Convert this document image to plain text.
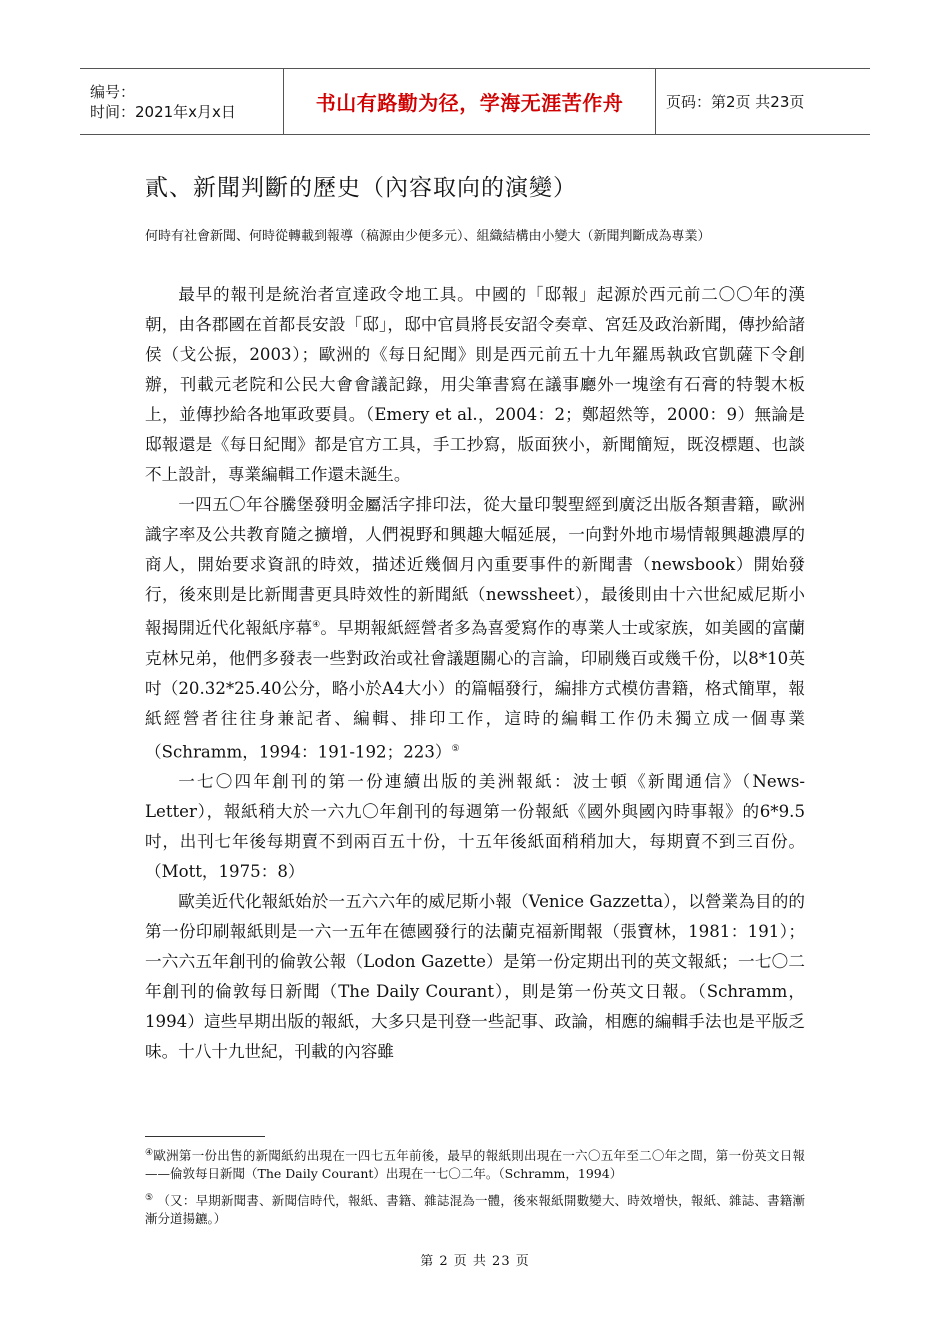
编号：
时间：2021年x月x日	书山有路勤为径，学海无涯苦作舟	页码：第2页 共23页
貳、新聞判斷的歷史（內容取向的演變）
何時有社會新聞、何時從轉載到報導（稿源由少便多元）、組織結構由小變大（新聞判斷成為專業）

最早的報刊是統治者宣達政令地工具。中國的「邸報」起源於西元前二〇〇年的漢朝，由各郡國在首都長安設「邸」，邸中官員將長安詔令奏章、宮廷及政治新聞，傳抄給諸侯（戈公振，2003）；歐洲的《每日紀聞》則是西元前五十九年羅馬執政官凱薩下令創辦，刊載元老院和公民大會會議記錄，用尖筆書寫在議事廳外一塊塗有石膏的特製木板上，並傳抄給各地軍政要員。（Emery et al.，2004：2；鄭超然等，2000：9）無論是邸報還是《每日紀聞》都是官方工具，手工抄寫，版面狹小，新聞簡短，既沒標題、也談不上設計，專業編輯工作還未誕生。

一四五〇年谷騰堡發明金屬活字排印法，從大量印製聖經到廣泛出版各類書籍，歐洲識字率及公共教育隨之擴增，人們視野和興趣大幅延展，一向對外地市場情報興趣濃厚的商人，開始要求資訊的時效，描述近幾個月內重要事件的新聞書（newsbook）開始發行，後來則是比新聞書更具時效性的新聞紙（newssheet），最後則由十六世紀威尼斯小報揭開近代化報紙序幕④。早期報紙經營者多為喜愛寫作的專業人士或家族，如美國的富蘭克林兄弟，他們多發表一些對政治或社會議題關心的言論，印刷幾百或幾千份，以8*10英吋（20.32*25.40公分，略小於A4大小）的篇幅發行，編排方式模仿書籍，格式簡單，報紙經營者往往身兼記者、編輯、排印工作，這時的編輯工作仍未獨立成一個專業（Schramm，1994：191-192；223）⑤

一七〇四年創刊的第一份連續出版的美洲報紙：波士頓《新聞通信》（News-Letter），報紙稍大於一六九〇年創刊的每週第一份報紙《國外與國內時事報》的6*9.5吋，出刊七年後每期賣不到兩百五十份，十五年後紙面稍稍加大，每期賣不到三百份。（Mott，1975：8）

歐美近代化報紙始於一五六六年的威尼斯小報（Venice Gazzetta），以營業為目的的第一份印刷報紙則是一六一五年在德國發行的法蘭克福新聞報（張寶林，1981：191）；一六六五年創刊的倫敦公報（Lodon Gazette）是第一份定期出刊的英文報紙；一七〇二年創刊的倫敦每日新聞（The Daily Courant），則是第一份英文日報。（Schramm，1994）這些早期出版的報紙，大多只是刊登一些記事、政論，相應的編輯手法也是平版乏味。十八十九世紀，刊載的內容雖

④歐洲第一份出售的新聞紙約出現在一四七五年前後，最早的報紙則出現在一六〇五年至二〇年之間，第一份英文日報——倫敦每日新聞（The Daily Courant）出現在一七〇二年。（Schramm，1994）

⑤ （又：早期新聞書、新聞信時代，報紙、書籍、雜誌混為一體，後來報紙開數變大、時效增快，報紙、雜誌、書籍漸漸分道揚鑣。）

第 2 页 共 23 页
